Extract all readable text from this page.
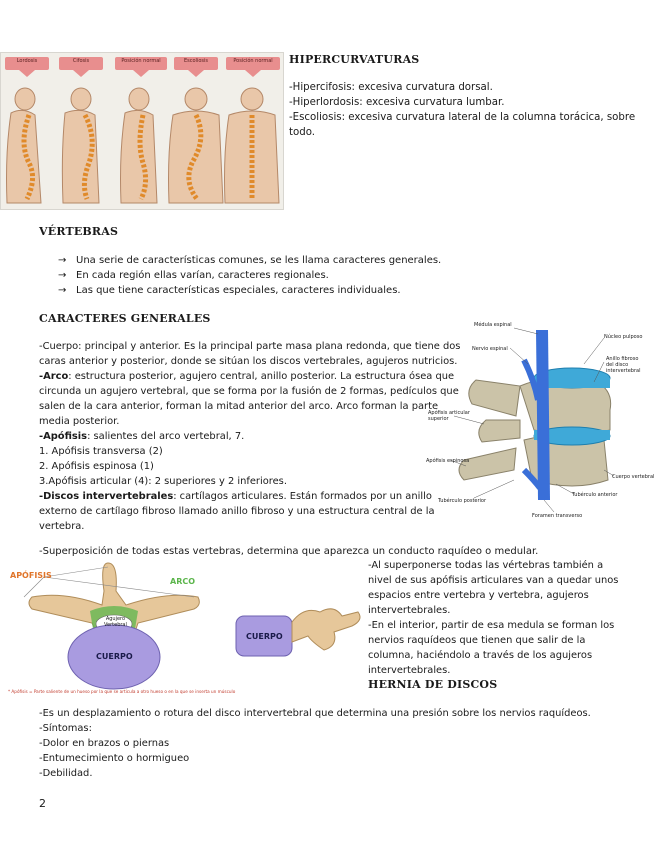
Lordosis	Cifosis	Posición normal	Escoliosis	Posición normal	HIPERCURVATURAS
-Hipercifosis: excesiva curvatura dorsal.
-Hiperlordosis: excesiva curvatura lumbar.
-Escoliosis: excesiva curvatura lateral de la columna torácica, sobre
todo.
VÉRTEBRAS
→ Una serie de características comunes, se les llama caracteres generales.
→ En cada región ellas varían, caracteres regionales.
→ Las que tiene características especiales, caracteres individuales.
CARACTERES GENERALES
-Cuerpo: principal y anterior. Es la principal parte masa plana redonda, que tiene dos
caras anterior y posterior, donde se sitúan los discos vertebrales, agujeros nutricios.
-Arco: estructura posterior, agujero central, anillo posterior. La estructura ósea que
circunda un agujero vertebral, que se forma por la fusión de 2 formas, pedículos que
salen de la cara anterior, forman la mitad anterior del arco. Arco forman la parte
media posterior.
-Apófisis: salientes del arco vertebral, 7.
1. Apófisis transversa (2)
2. Apófisis espinosa (1)
3.Apófisis articular (4): 2 superiores y 2 inferiores.
-Discos intervertebrales: cartílagos articulares. Están formados por un anillo
externo de cartílago fibroso llamado anillo fibroso y una estructura central de la
vertebra.
Médula espinal
Nervio espinal
Núcleo pulposo
Anillo fibroso
del disco
intervertebral
Apófisis articular
superior
Apófisis espinosa
Tubérculo posterior
Tubérculo anterior
Cuerpo vertebral
Foramen transverso
-Superposición de todas estas vertebras, determina que aparezca un conducto raquídeo o medular.
APÓFISIS
ARCO
Agujero
Vertebral
CUERPO
* Apófisis = Parte saliente de un hueso por la que se articula a otro hueso o en la que se inserta un músculo
CUERPO
-Al superponerse todas las vértebras también a
nivel de sus apófisis articulares van a quedar unos
espacios entre vertebra y vertebra, agujeros
intervertebrales.
-En el interior, partir de esa medula se forman los
nervios raquídeos que tienen que salir de la
columna, haciéndolo a través de los agujeros
intervertebrales.
HERNIA DE DISCOS
-Es un desplazamiento o rotura del disco intervertebral que determina una presión sobre los nervios raquídeos.
-Síntomas:
-Dolor en brazos o piernas
-Entumecimiento o hormigueo
-Debilidad.
2
